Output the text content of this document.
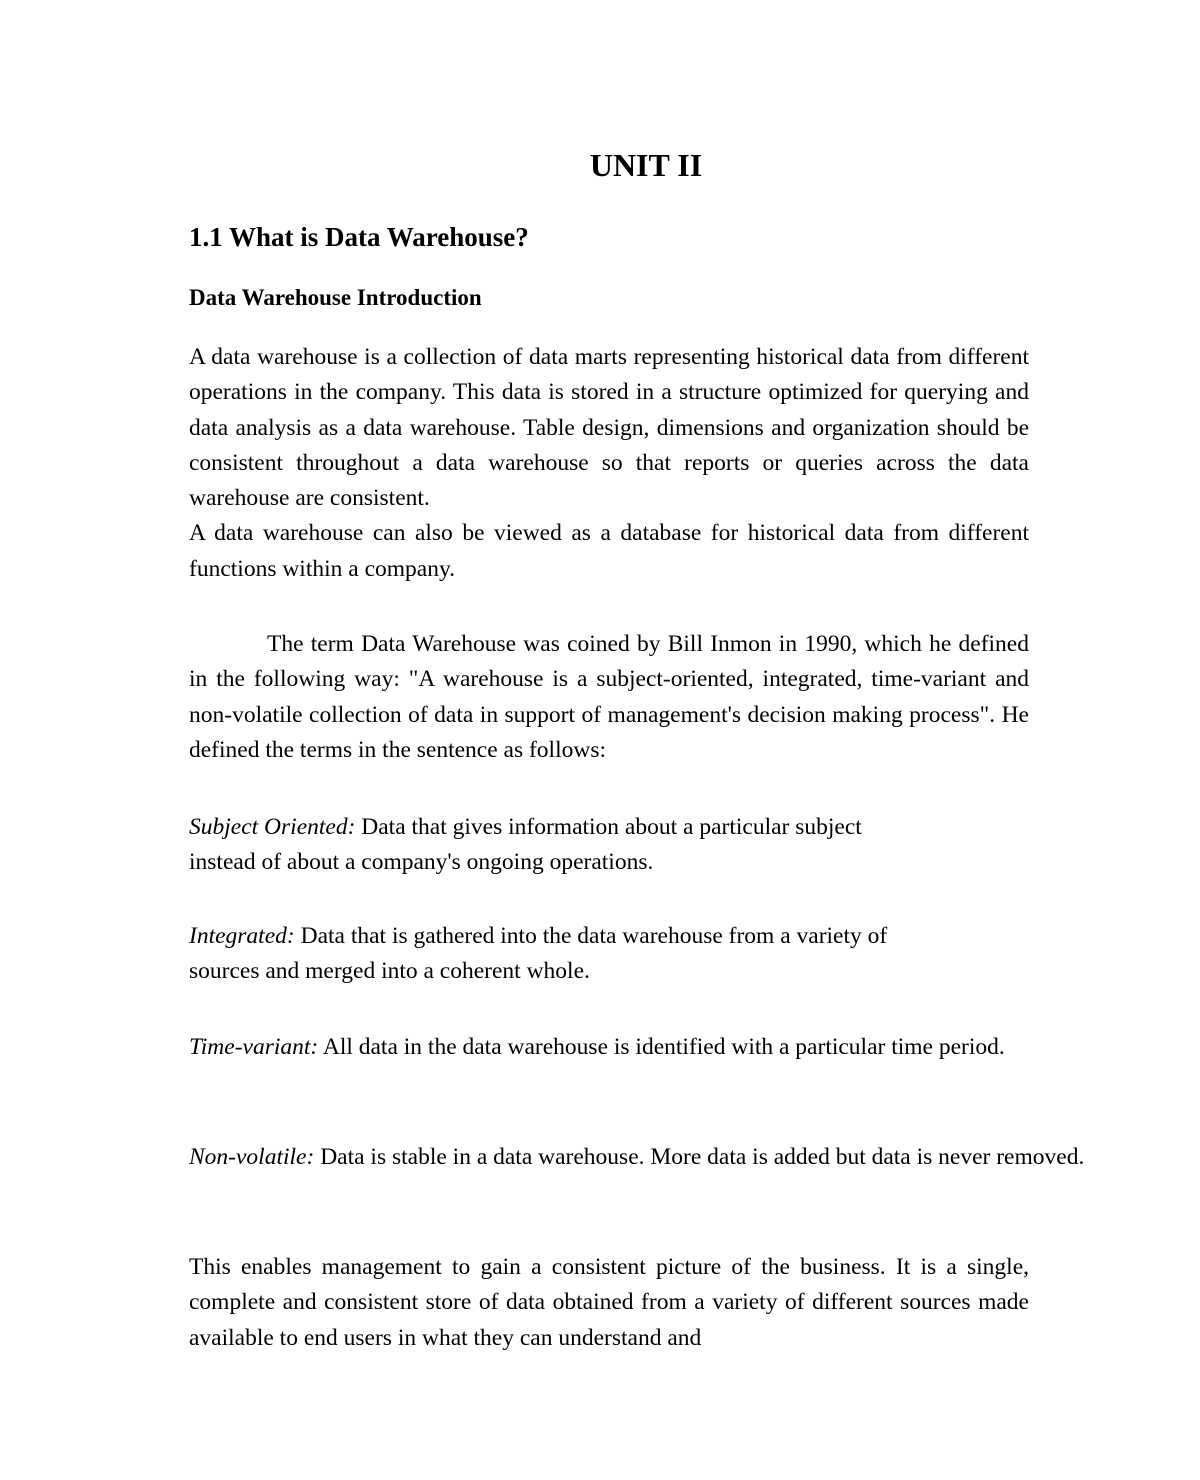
UNIT II
1.1 What is Data Warehouse?
Data Warehouse Introduction

A data warehouse is a collection of data marts representing historical data from different operations in the company. This data is stored in a structure optimized for querying and data analysis as a data warehouse. Table design, dimensions and organization should be consistent throughout a data warehouse so that reports or queries across the data warehouse are consistent.
A data warehouse can also be viewed as a database for historical data from different functions within a company.

The term Data Warehouse was coined by Bill Inmon in 1990, which he defined in the following way: "A warehouse is a subject-oriented, integrated, time-variant and non-volatile collection of data in support of management's decision making process". He defined the terms in the sentence as follows:

Subject Oriented: Data that gives information about a particular subject
instead of about a company's ongoing operations.

Integrated: Data that is gathered into the data warehouse from a variety of
sources and merged into a coherent whole.

Time-variant: All data in the data warehouse is identified with a particular time period.

Non-volatile: Data is stable in a data warehouse. More data is added but data is never removed.

This enables management to gain a consistent picture of the business. It is a single, complete and consistent store of data obtained from a variety of different sources made available to end users in what they can understand and
